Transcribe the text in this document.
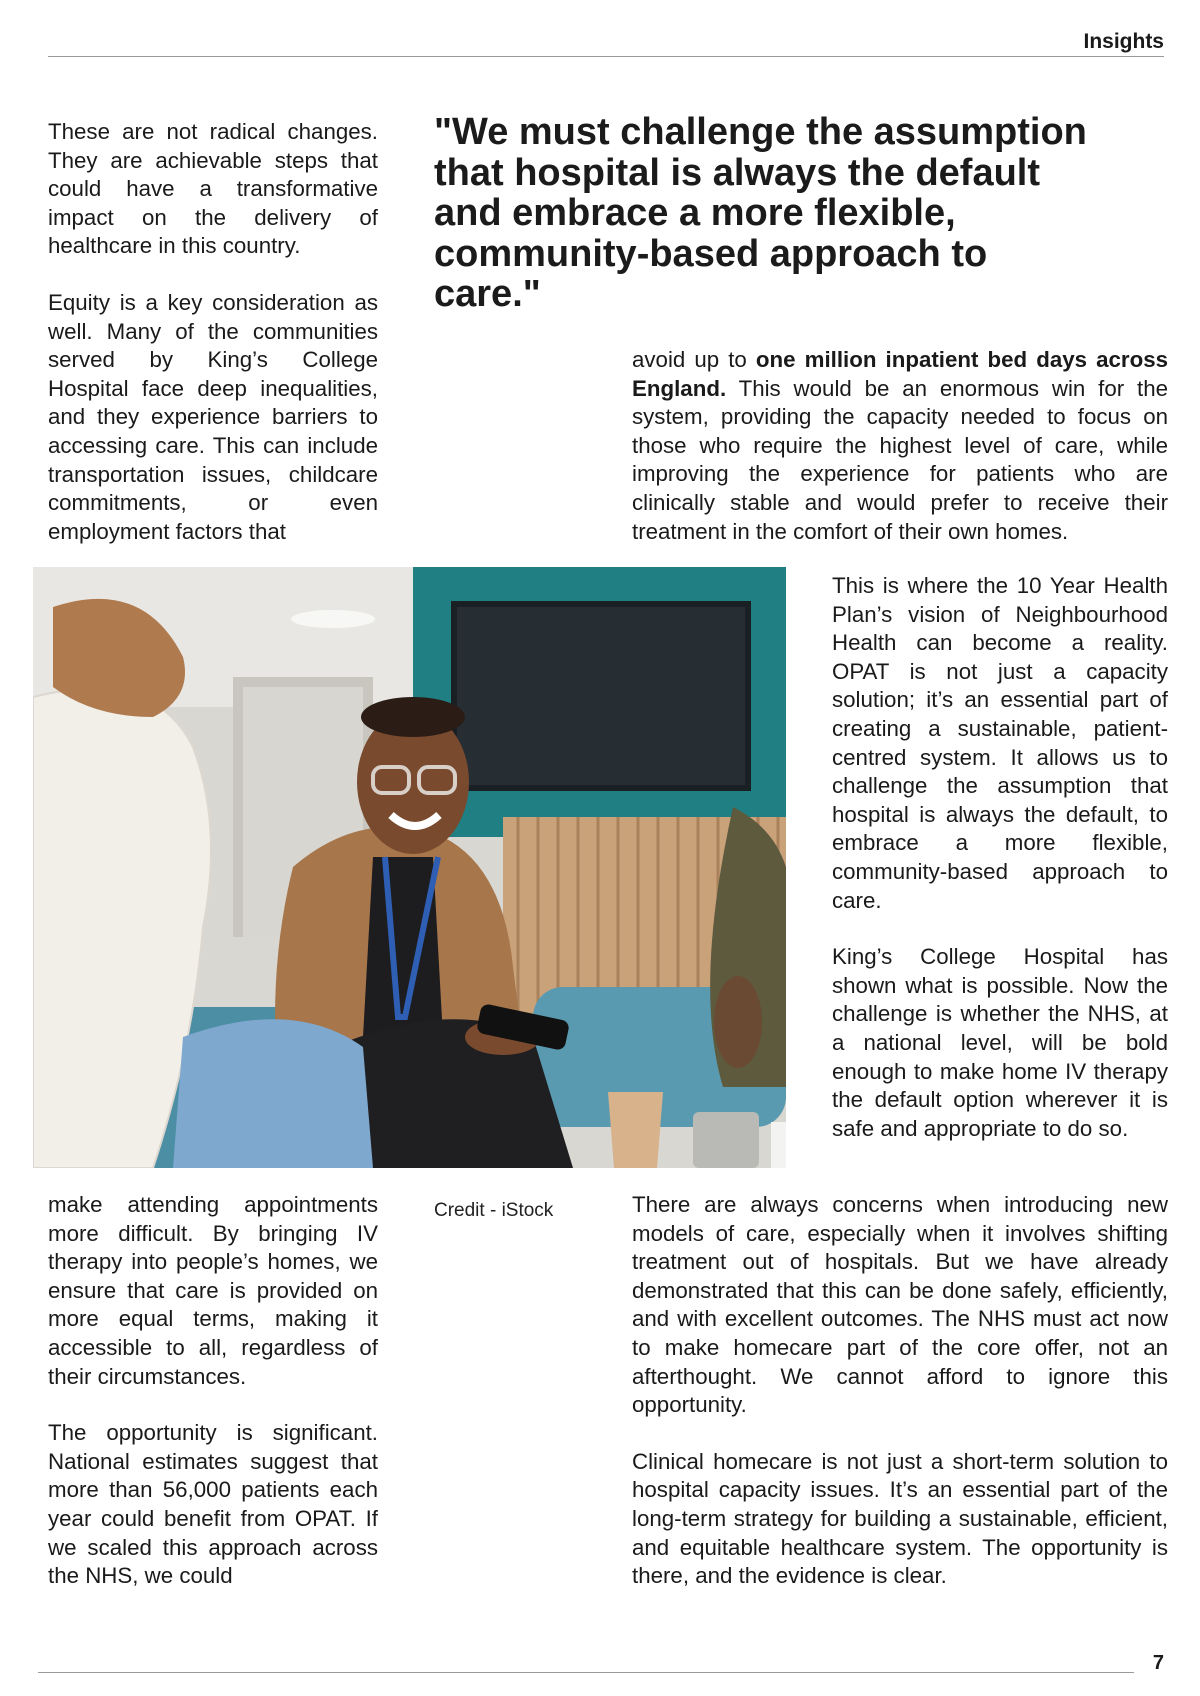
Insights

These are not radical changes. They are achievable steps that could have a transformative impact on the delivery of healthcare in this country.

Equity is a key consideration as well. Many of the communities served by King’s College Hospital face deep inequalities, and they experience barriers to accessing care. This can include transportation issues, childcare commitments, or even employment factors that

"We must challenge the assumption that hospital is always the default and embrace a more flexible, community-based approach to care."

avoid up to one million inpatient bed days across England. This would be an enormous win for the system, providing the capacity needed to focus on those who require the highest level of care, while improving the experience for patients who are clinically stable and would prefer to receive their treatment in the comfort of their own homes.

This is where the 10 Year Health Plan’s vision of Neighbourhood Health can become a reality. OPAT is not just a capacity solution; it’s an essential part of creating a sustainable, patient-centred system. It allows us to challenge the assumption that hospital is always the default, to embrace a more flexible, community-based approach to care.

King’s College Hospital has shown what is possible. Now the challenge is whether the NHS, at a national level, will be bold enough to make home IV therapy the default option wherever it is safe and appropriate to do so.

make attending appointments more difficult. By bringing IV therapy into people’s homes, we ensure that care is provided on more equal terms, making it accessible to all, regardless of their circumstances.

The opportunity is significant. National estimates suggest that more than 56,000 patients each year could benefit from OPAT. If we scaled this approach across the NHS, we could

Credit - iStock	There are always concerns when introducing new models of care, especially when it involves shifting treatment out of hospitals. But we have already demonstrated that this can be done safely, efficiently, and with excellent outcomes. The NHS must act now to make homecare part of the core offer, not an afterthought. We cannot afford to ignore this opportunity.

Clinical homecare is not just a short-term solution to hospital capacity issues. It’s an essential part of the long-term strategy for building a sustainable, efficient, and equitable healthcare system. The opportunity is there, and the evidence is clear.

7
